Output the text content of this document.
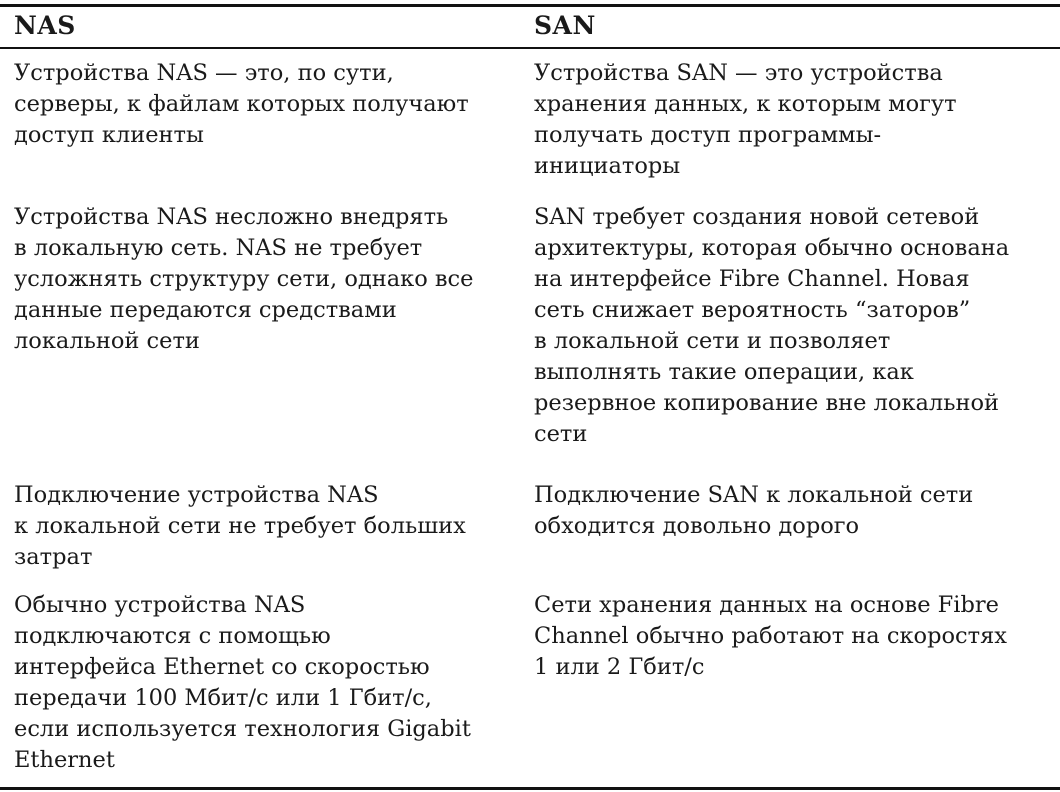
NAS
Устройства NAS — это, по сути,
серверы, к файлам которых получают
доступ клиенты
Устройства NAS несложно внедрять
в локальную сеть. NAS не требует
усложнять структуру сети, однако все
данные передаются средствами
локальной сети
Подключение устройства NAS
к локальной сети не требует больших
затрат
Обычно устройства NAS
подключаются с помощью
интерфейса Ethernet со скоростью
передачи 100 Мбит/с или 1 Гбит/с,
если используется технология Gigabit
Ethernet
SAN
Устройства SAN — это устройства
хранения данных, к которым могут
получать доступ программы-
инициаторы
SAN требует создания новой сетевой
архитектуры, которая обычно основана
на интерфейсе Fibre Channel. Новая
сеть снижает вероятность “заторов”
в локальной сети и позволяет
выполнять такие операции, как
резервное копирование вне локальной
сети
Подключение SAN к локальной сети
обходится довольно дорого
Сети хранения данных на основе Fibre
Channel обычно работают на скоростях
1 или 2 Гбит/с
